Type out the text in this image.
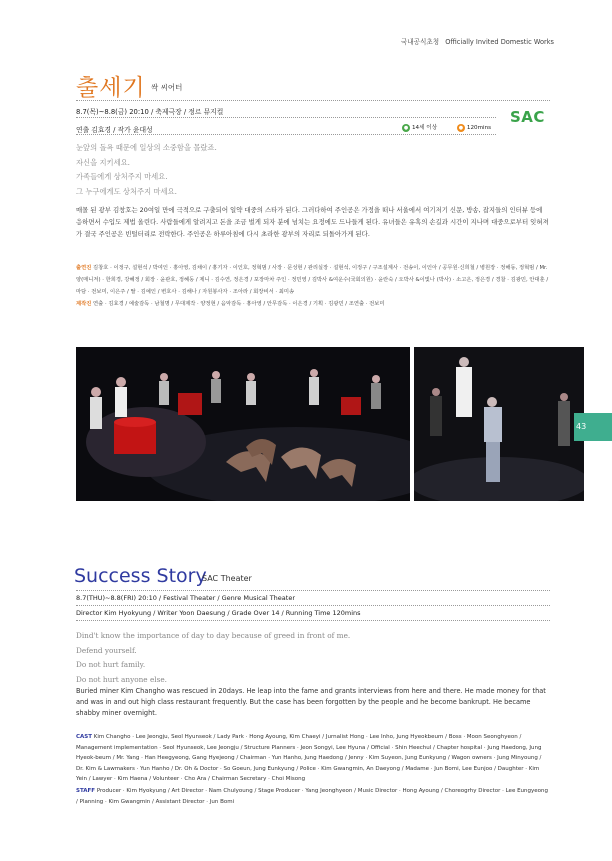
국내공식초청 Officially Invited Domestic Works
출세기 싹 씨어터
8.7(목)~8.8(금) 20:10 / 축제극장 / 정르 뮤지컬
연출 김효경 / 작가 윤대성	● 14세 이상	● 120mins
SAC
눈앞의 돌욕 때문에 일상의 소중함을 몰랐죠.
자신을 지키세요.
가족들에게 상처주지 마세요.
그 누구에게도 상처주지 마세요.
매몰 된 광부 김창호는 20여일 만에 극적으로 구출되어 일약 대중의 스타가 된다. 그러다하여 주인공은 가정을 떠나 서울에서 여기저기 신문, 방송, 잡지들의 인터뷰 등에 응하면서 수입도 제법 올린다. 사람들에게 알려지고 돈을 조금 벌게 되자 분에 넘치는 요정에도 드나들게 된다. 유녀들은 유혹의 손길과 시간이 지나며 대중으로부터 잊혀져가 결국 주인공은 빈털터리로 전락한다. 주인공은 하루아침에 다시 초라한 광부의 자리로 되돌아가게 된다.
출연진 김창호 · 이정구, 설현석 / 박여인 · 홍아영, 김채이 / 홍기자 · 이인호, 정혁범 / 사장 · 문성현 / 관리실장 · 설현석, 이정구 / 구조설계사 · 전송이, 이인아 / 공무원·신희철 / 병원장 · 정해동, 정혁범 / Mr.양(매니저) · 한희경, 강혜정 / 회장 · 윤관호, 정혜동 / 제니 · 김수연, 정은경 / 포장마차 주인 · 정민영 / 김박사 &여운수(국회의원) · 윤란숙 / 오박사 &이빛나 (박사) · 소고은, 정은경 / 경찰 · 김광민, 안대훈 / 마담 · 전보미, 이은주 / 딸 · 김예인 / 변호사 · 김해나 / 자원봉사자 · 조아라 / 회장비서 · 최미송
제작진 연출 · 김효경 / 예술감독 · 남철명 / 무대제작 · 양정현 / 음악감독 · 홍아영 / 안무감독 · 이은경 / 기획 · 김광민 / 조연출 · 전보미
43
Success Story
SAC Theater
8.7(THU)~8.8(FRI) 20:10 / Festival Theater / Genre Musical Theater
Director Kim Hyokyung / Writer Yoon Daesung / Grade Over 14 / Running Time 120mins
Dind't know the importance of day to day because of greed in front of me.
Defend yourself.
Do not hurt family.
Do not hurt anyone else.
Buried miner Kim Changho was rescued in 20days. He leap into the fame and grants interviews from here and there. He made money for that and was in and out high class restaurant frequently. But the case has been forgotten by the people and he become bankrupt. He became shabby miner overnight.
CAST Kim Changho · Lee Jeongju, Seol Hyunseok / Lady Park · Hong Ayoung, Kim Chaeyi / Jurnalist Hong · Lee Inho, Jung Hyeokbeum / Boss · Moon Seonghyeon / Management implementation · Seol Hyunseok, Lee Jeongju / Structure Planners · Jeon Songyi, Lee Hyuna / Official · Shin Heechul / Chapter hospital · Jung Haedong, Jung Hyeok-beum / Mr. Yang · Han Heegyeong, Gang Hyejeong / Chairman · Yun Hanho, Jung Haedong / Jenny · Kim Suyeon, Jung Eunkyung / Wagon owners · Jung Minyoung / Dr. Kim & Lawmakers · Yun Hanho / Dr. Oh & Doctor · So Goeun, Jung Eunkyung / Police · Kim Gwangmin, An Daeyong / Madame · Jun Bomi, Lee Eunjoo / Daughter · Kim Yein / Lawyer · Kim Haena / Volunteer · Cho Ara / Chairman Secretary · Choi Misong
STAFF Producer · Kim Hyokyung / Art Director · Nam Chulyoung / Stage Producer · Yang Jeonghyeon / Music Director · Hong Ayoung / Choreogrhy Director · Lee Eungyeong / Planning · Kim Gwangmin / Assistant Director · Jun Bomi
